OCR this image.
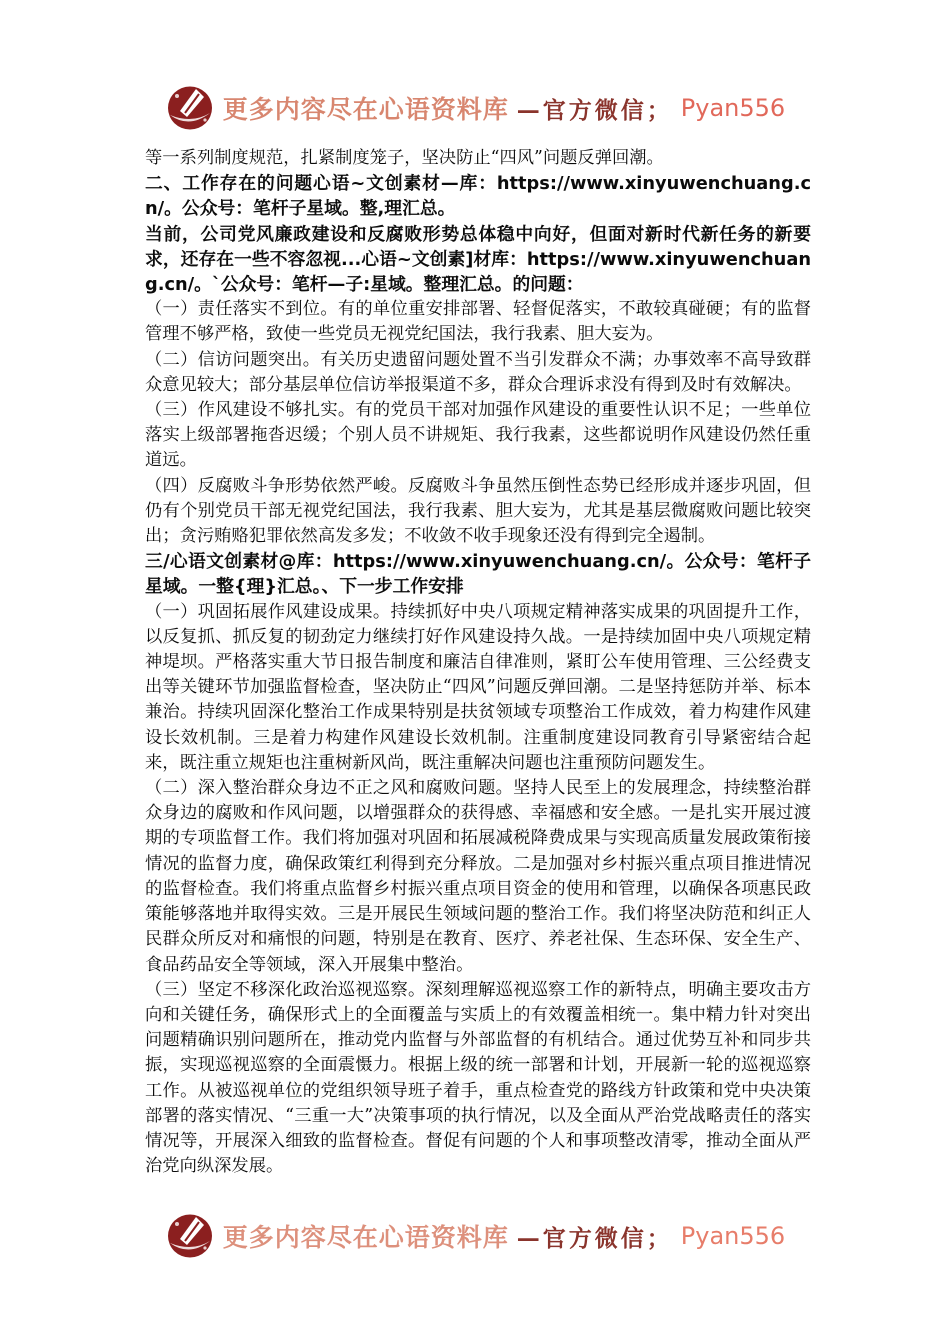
更多内容尽在心语资料库 —官方微信； Pyan556

等一系列制度规范，扎紧制度笼子，坚决防止“四风”问题反弹回潮。

二、工作存在的问题心语~文创素材—库：https://www.xinyuwenchuang.cn/。公众号：笔杆子星域。整,理汇总。

当前，公司党风廉政建设和反腐败形势总体稳中向好，但面对新时代新任务的新要求，还存在一些不容忽视...心语~文创素]材库：https://www.xinyuwenchuang.cn/。`公众号：笔杆—子:星域。整理汇总。的问题：

（一）责任落实不到位。有的单位重安排部署、轻督促落实，不敢较真碰硬；有的监督管理不够严格，致使一些党员无视党纪国法，我行我素、胆大妄为。

（二）信访问题突出。有关历史遗留问题处置不当引发群众不满；办事效率不高导致群众意见较大；部分基层单位信访举报渠道不多，群众合理诉求没有得到及时有效解决。

（三）作风建设不够扎实。有的党员干部对加强作风建设的重要性认识不足；一些单位落实上级部署拖沓迟缓；个别人员不讲规矩、我行我素，这些都说明作风建设仍然任重道远。

（四）反腐败斗争形势依然严峻。反腐败斗争虽然压倒性态势已经形成并逐步巩固，但仍有个别党员干部无视党纪国法，我行我素、胆大妄为，尤其是基层微腐败问题比较突出；贪污贿赂犯罪依然高发多发；不收敛不收手现象还没有得到完全遏制。

三/心语文创素材@库：https://www.xinyuwenchuang.cn/。公众号：笔杆子星域。一整{理}汇总。、下一步工作安排

（一）巩固拓展作风建设成果。持续抓好中央八项规定精神落实成果的巩固提升工作，以反复抓、抓反复的韧劲定力继续打好作风建设持久战。一是持续加固中央八项规定精神堤坝。严格落实重大节日报告制度和廉洁自律准则，紧盯公车使用管理、三公经费支出等关键环节加强监督检查，坚决防止“四风”问题反弹回潮。二是坚持惩防并举、标本兼治。持续巩固深化整治工作成果特别是扶贫领域专项整治工作成效，着力构建作风建设长效机制。三是着力构建作风建设长效机制。注重制度建设同教育引导紧密结合起来，既注重立规矩也注重树新风尚，既注重解决问题也注重预防问题发生。

（二）深入整治群众身边不正之风和腐败问题。坚持人民至上的发展理念，持续整治群众身边的腐败和作风问题，以增强群众的获得感、幸福感和安全感。一是扎实开展过渡期的专项监督工作。我们将加强对巩固和拓展减税降费成果与实现高质量发展政策衔接情况的监督力度，确保政策红利得到充分释放。二是加强对乡村振兴重点项目推进情况的监督检查。我们将重点监督乡村振兴重点项目资金的使用和管理，以确保各项惠民政策能够落地并取得实效。三是开展民生领域问题的整治工作。我们将坚决防范和纠正人民群众所反对和痛恨的问题，特别是在教育、医疗、养老社保、生态环保、安全生产、食品药品安全等领域，深入开展集中整治。

（三）坚定不移深化政治巡视巡察。深刻理解巡视巡察工作的新特点，明确主要攻击方向和关键任务，确保形式上的全面覆盖与实质上的有效覆盖相统一。集中精力针对突出问题精确识别问题所在，推动党内监督与外部监督的有机结合。通过优势互补和同步共振，实现巡视巡察的全面震慑力。根据上级的统一部署和计划，开展新一轮的巡视巡察工作。从被巡视单位的党组织领导班子着手，重点检查党的路线方针政策和党中央决策部署的落实情况、“三重一大”决策事项的执行情况，以及全面从严治党战略责任的落实情况等，开展深入细致的监督检查。督促有问题的个人和事项整改清零，推动全面从严治党向纵深发展。

更多内容尽在心语资料库 —官方微信； Pyan556
